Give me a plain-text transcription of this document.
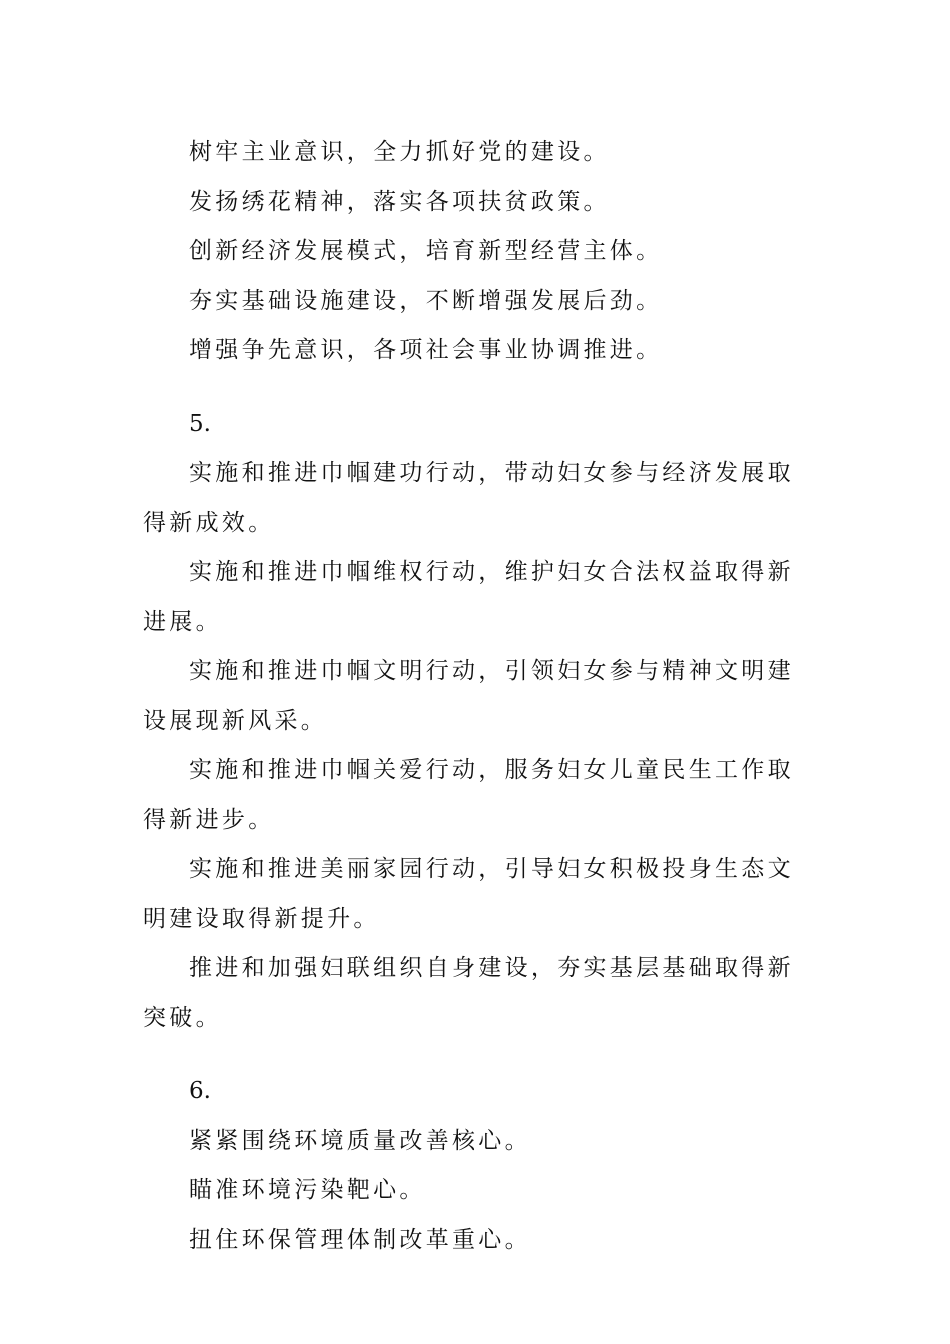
树牢主业意识，全力抓好党的建设。

发扬绣花精神，落实各项扶贫政策。

创新经济发展模式，培育新型经营主体。

夯实基础设施建设，不断增强发展后劲。

增强争先意识，各项社会事业协调推进。

5.

实施和推进巾帼建功行动，带动妇女参与经济发展取得新成效。

实施和推进巾帼维权行动，维护妇女合法权益取得新进展。

实施和推进巾帼文明行动，引领妇女参与精神文明建设展现新风采。

实施和推进巾帼关爱行动，服务妇女儿童民生工作取得新进步。

实施和推进美丽家园行动，引导妇女积极投身生态文明建设取得新提升。

推进和加强妇联组织自身建设，夯实基层基础取得新突破。

6.

紧紧围绕环境质量改善核心。

瞄准环境污染靶心。

扭住环保管理体制改革重心。
